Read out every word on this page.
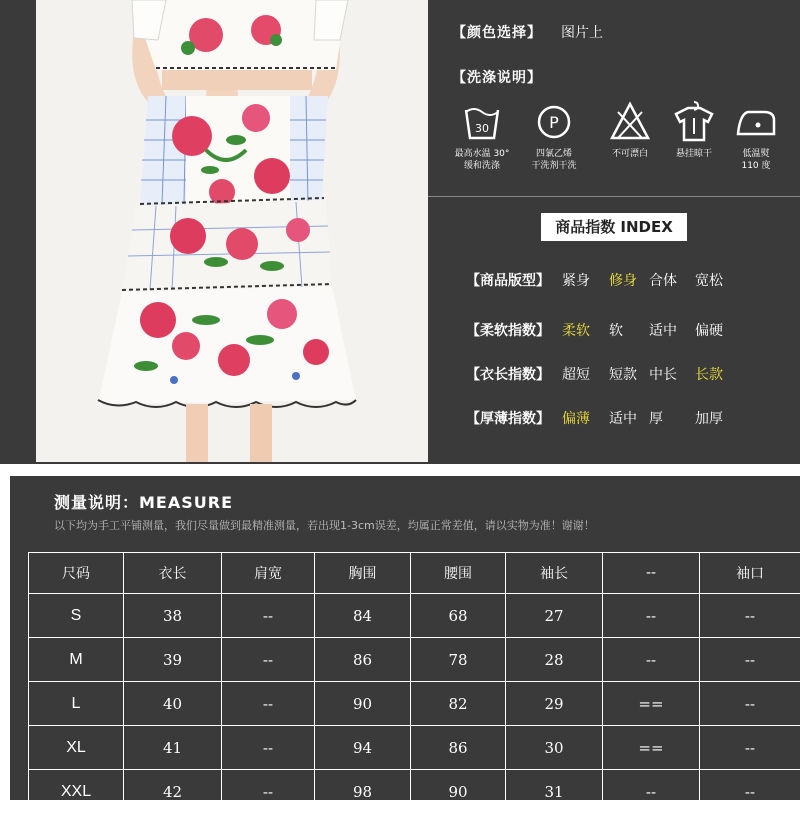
【颜色选择】 图片上
【洗涤说明】
30
最高水温 30°
缓和洗涤
P
四氯乙烯
干洗剂干洗
不可漂白	悬挂晾干	低温熨
110 度
商品指数 INDEX
【商品版型】 紧身 修身 合体 宽松
【柔软指数】 柔软 软 适中 偏硬
【衣长指数】 超短 短款 中长 长款
【厚薄指数】 偏薄 适中 厚 加厚
测量说明：MEASURE
以下均为手工平铺测量，我们尽量做到最精准测量，若出现1-3cm误差，均属正常差值，请以实物为准！谢谢！
尺码	衣长	肩宽	胸围	腰围	袖长	--	袖口
S	38	--	84	68	27	--	--
M	39	--	86	78	28	--	--
L	40	--	90	82	29	==	--
XL	41	--	94	86	30	==	--
XXL	42	--	98	90	31	--	--
